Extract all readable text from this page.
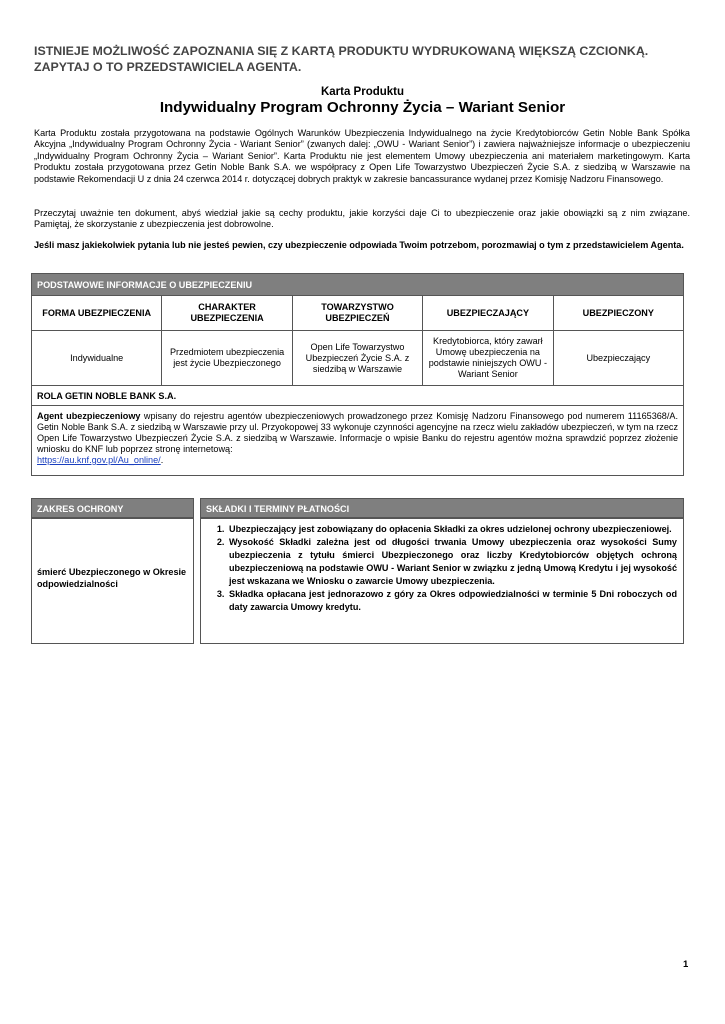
ISTNIEJE MOŻLIWOŚĆ ZAPOZNANIA SIĘ Z KARTĄ PRODUKTU WYDRUKOWANĄ WIĘKSZĄ CZCIONKĄ. ZAPYTAJ O TO PRZEDSTAWICIELA AGENTA.
Karta Produktu
Indywidualny Program Ochronny Życia – Wariant Senior
Karta Produktu została przygotowana na podstawie Ogólnych Warunków Ubezpieczenia Indywidualnego na życie Kredytobiorców Getin Noble Bank Spółka Akcyjna „Indywidualny Program Ochronny Życia - Wariant Senior” (zwanych dalej: „OWU - Wariant Senior”) i zawiera najważniejsze informacje o ubezpieczeniu „Indywidualny Program Ochronny Życia – Wariant Senior”. Karta Produktu nie jest elementem Umowy ubezpieczenia ani materiałem marketingowym. Karta Produktu została przygotowana przez Getin Noble Bank S.A. we współpracy z Open Life Towarzystwo Ubezpieczeń Życie S.A. z siedzibą w Warszawie na podstawie Rekomendacji U z dnia 24 czerwca 2014 r. dotyczącej dobrych praktyk w zakresie bancassurance wydanej przez Komisję Nadzoru Finansowego.
Przeczytaj uważnie ten dokument, abyś wiedział jakie są cechy produktu, jakie korzyści daje Ci to ubezpieczenie oraz jakie obowiązki są z nim związane. Pamiętaj, że skorzystanie z ubezpieczenia jest dobrowolne.
Jeśli masz jakiekolwiek pytania lub nie jesteś pewien, czy ubezpieczenie odpowiada Twoim potrzebom, porozmawiaj o tym z przedstawicielem Agenta.
PODSTAWOWE INFORMACJE O UBEZPIECZENIU				
FORMA UBEZPIECZENIA	CHARAKTER UBEZPIECZENIA	TOWARZYSTWO UBEZPIECZEŃ	UBEZPIECZAJĄCY	UBEZPIECZONY
Indywidualne	Przedmiotem ubezpieczenia jest życie Ubezpieczonego	Open Life Towarzystwo Ubezpieczeń Życie S.A. z siedzibą w Warszawie	Kredytobiorca, który zawarł Umowę ubezpieczenia na podstawie niniejszych OWU - Wariant Senior	Ubezpieczający
ROLA GETIN NOBLE BANK S.A.				
Agent ubezpieczeniowy wpisany do rejestru agentów ubezpieczeniowych prowadzonego przez Komisję Nadzoru Finansowego pod numerem 11165368/A. Getin Noble Bank S.A. z siedzibą w Warszawie przy ul. Przyokopowej 33 wykonuje czynności agencyjne na rzecz wielu zakładów ubezpieczeń, w tym na rzecz Open Life Towarzystwo Ubezpieczeń Życie S.A. z siedzibą w Warszawie. Informacje o wpisie Banku do rejestru agentów można sprawdzić poprzez złożenie wniosku do KNF lub poprzez stronę internetową:
https://au.knf.gov.pl/Au_online/.				
ZAKRES OCHRONY
śmierć Ubezpieczonego w Okresie odpowiedzialności
SKŁADKI I TERMINY PŁATNOŚCI
1. Ubezpieczający jest zobowiązany do opłacenia Składki za okres udzielonej ochrony ubezpieczeniowej.
2. Wysokość Składki zależna jest od długości trwania Umowy ubezpieczenia oraz wysokości Sumy ubezpieczenia z tytułu śmierci Ubezpieczonego oraz liczby Kredytobiorców objętych ochroną ubezpieczeniową na podstawie OWU - Wariant Senior w związku z jedną Umową Kredytu i jej wysokość jest wskazana we Wniosku o zawarcie Umowy ubezpieczenia.
3. Składka opłacana jest jednorazowo z góry za Okres odpowiedzialności w terminie 5 Dni roboczych od daty zawarcia Umowy kredytu.
1
